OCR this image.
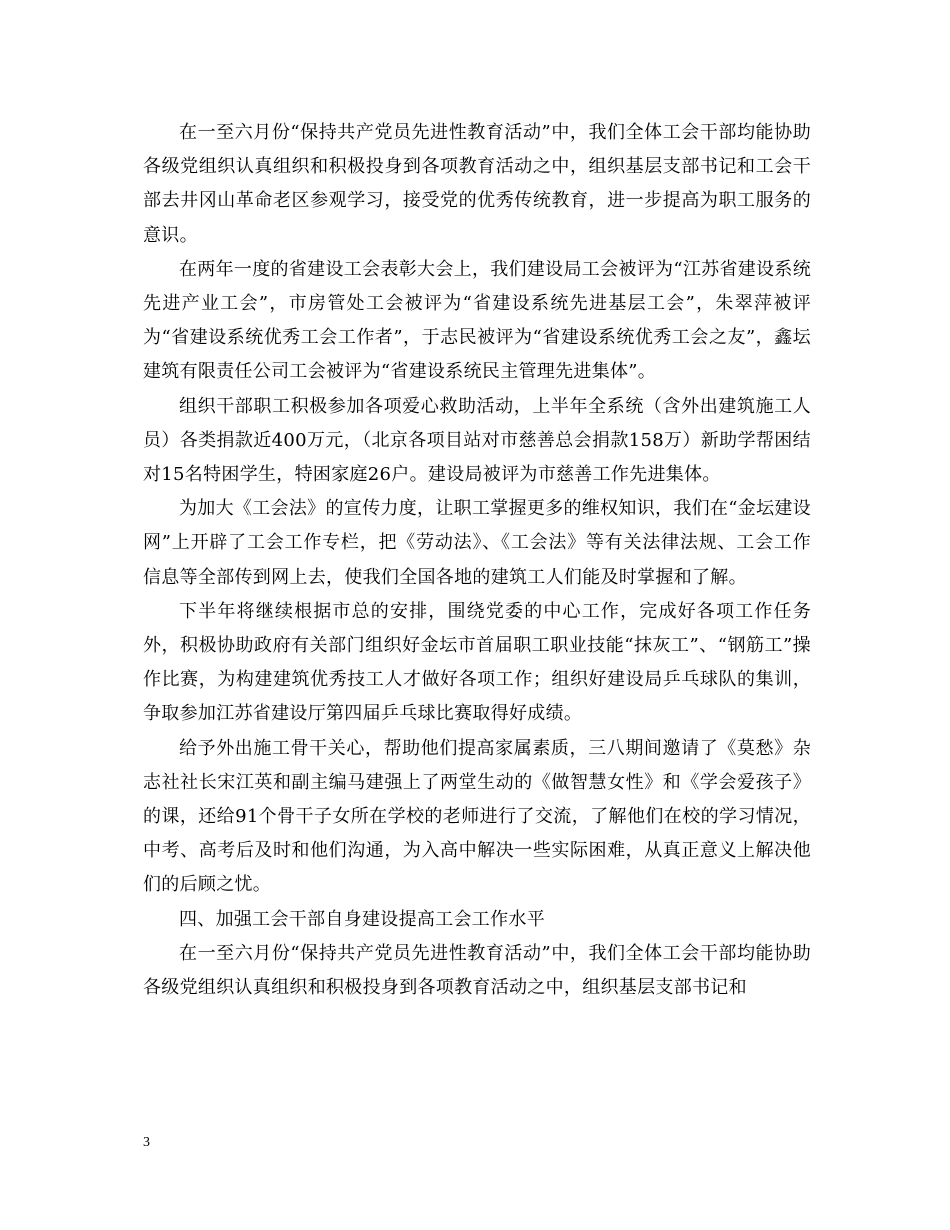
在一至六月份“保持共产党员先进性教育活动”中，我们全体工会干部均能协助各级党组织认真组织和积极投身到各项教育活动之中，组织基层支部书记和工会干部去井冈山革命老区参观学习，接受党的优秀传统教育，进一步提高为职工服务的意识。

在两年一度的省建设工会表彰大会上，我们建设局工会被评为“江苏省建设系统先进产业工会”，市房管处工会被评为“省建设系统先进基层工会”，朱翠萍被评为“省建设系统优秀工会工作者”，于志民被评为“省建设系统优秀工会之友”，鑫坛建筑有限责任公司工会被评为“省建设系统民主管理先进集体”。

组织干部职工积极参加各项爱心救助活动，上半年全系统（含外出建筑施工人员）各类捐款近400万元，（北京各项目站对市慈善总会捐款158万）新助学帮困结对15名特困学生，特困家庭26户。建设局被评为市慈善工作先进集体。

为加大《工会法》的宣传力度，让职工掌握更多的维权知识，我们在“金坛建设网”上开辟了工会工作专栏，把《劳动法》、《工会法》等有关法律法规、工会工作信息等全部传到网上去，使我们全国各地的建筑工人们能及时掌握和了解。

下半年将继续根据市总的安排，围绕党委的中心工作，完成好各项工作任务外，积极协助政府有关部门组织好金坛市首届职工职业技能“抹灰工”、“钢筋工”操作比赛，为构建建筑优秀技工人才做好各项工作；组织好建设局乒乓球队的集训，争取参加江苏省建设厅第四届乒乓球比赛取得好成绩。

给予外出施工骨干关心，帮助他们提高家属素质，三八期间邀请了《莫愁》杂志社社长宋江英和副主编马建强上了两堂生动的《做智慧女性》和《学会爱孩子》的课，还给91个骨干子女所在学校的老师进行了交流，了解他们在校的学习情况，中考、高考后及时和他们沟通，为入高中解决一些实际困难，从真正意义上解决他们的后顾之忧。

四、加强工会干部自身建设提高工会工作水平

在一至六月份“保持共产党员先进性教育活动”中，我们全体工会干部均能协助各级党组织认真组织和积极投身到各项教育活动之中，组织基层支部书记和

3
